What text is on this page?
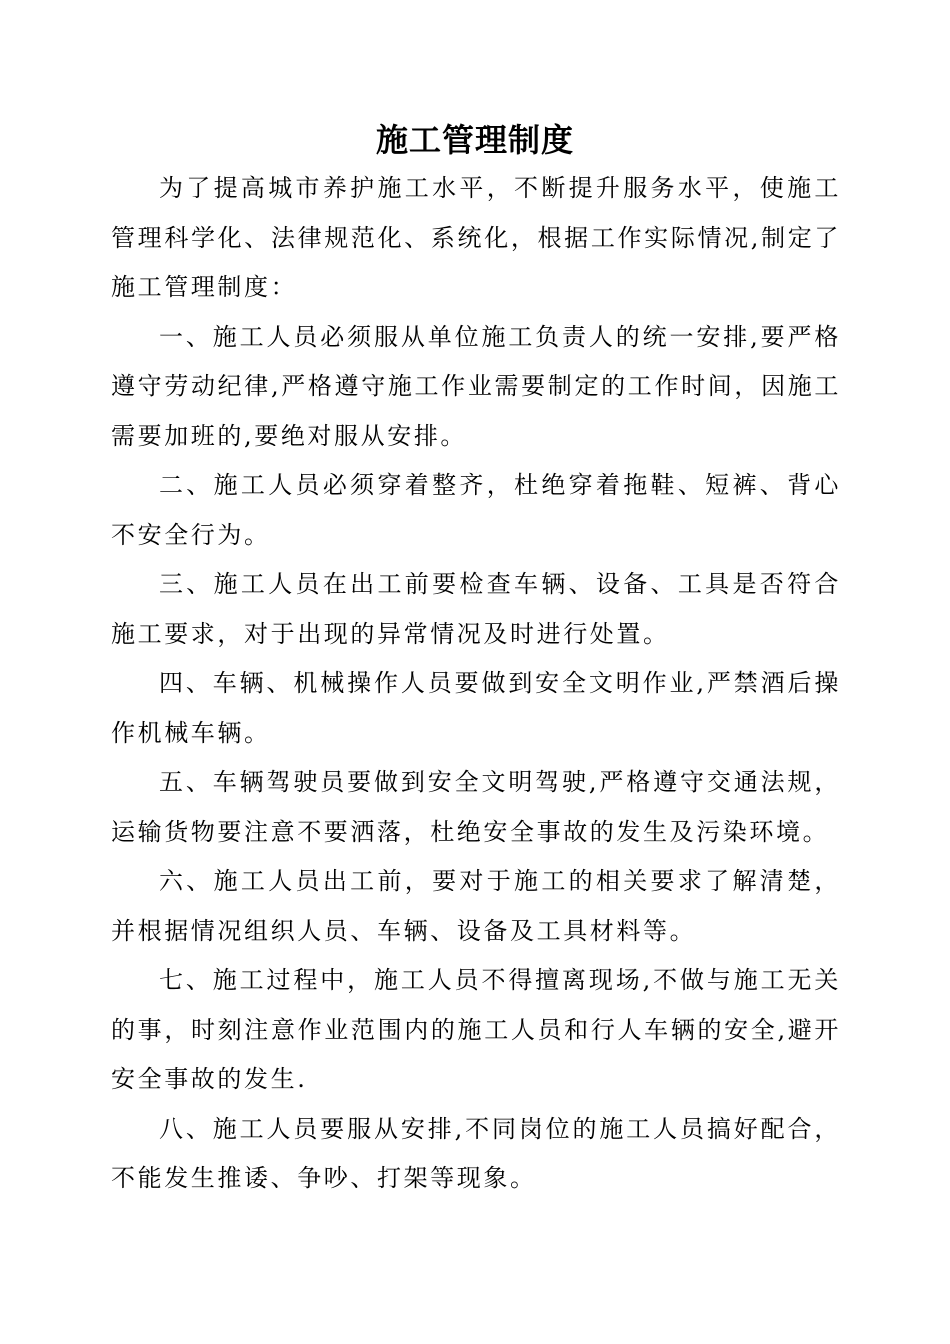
施工管理制度

为了提高城市养护施工水平，不断提升服务水平，使施工管理科学化、法律规范化、系统化，根据工作实际情况,制定了施工管理制度：

一、施工人员必须服从单位施工负责人的统一安排,要严格遵守劳动纪律,严格遵守施工作业需要制定的工作时间，因施工需要加班的,要绝对服从安排。

二、施工人员必须穿着整齐，杜绝穿着拖鞋、短裤、背心不安全行为。

三、施工人员在出工前要检查车辆、设备、工具是否符合施工要求，对于出现的异常情况及时进行处置。

四、车辆、机械操作人员要做到安全文明作业,严禁酒后操作机械车辆。

五、车辆驾驶员要做到安全文明驾驶,严格遵守交通法规，运输货物要注意不要洒落，杜绝安全事故的发生及污染环境。

六、施工人员出工前，要对于施工的相关要求了解清楚，并根据情况组织人员、车辆、设备及工具材料等。

七、施工过程中，施工人员不得擅离现场,不做与施工无关的事，时刻注意作业范围内的施工人员和行人车辆的安全,避开安全事故的发生.

八、施工人员要服从安排,不同岗位的施工人员搞好配合，不能发生推诿、争吵、打架等现象。
